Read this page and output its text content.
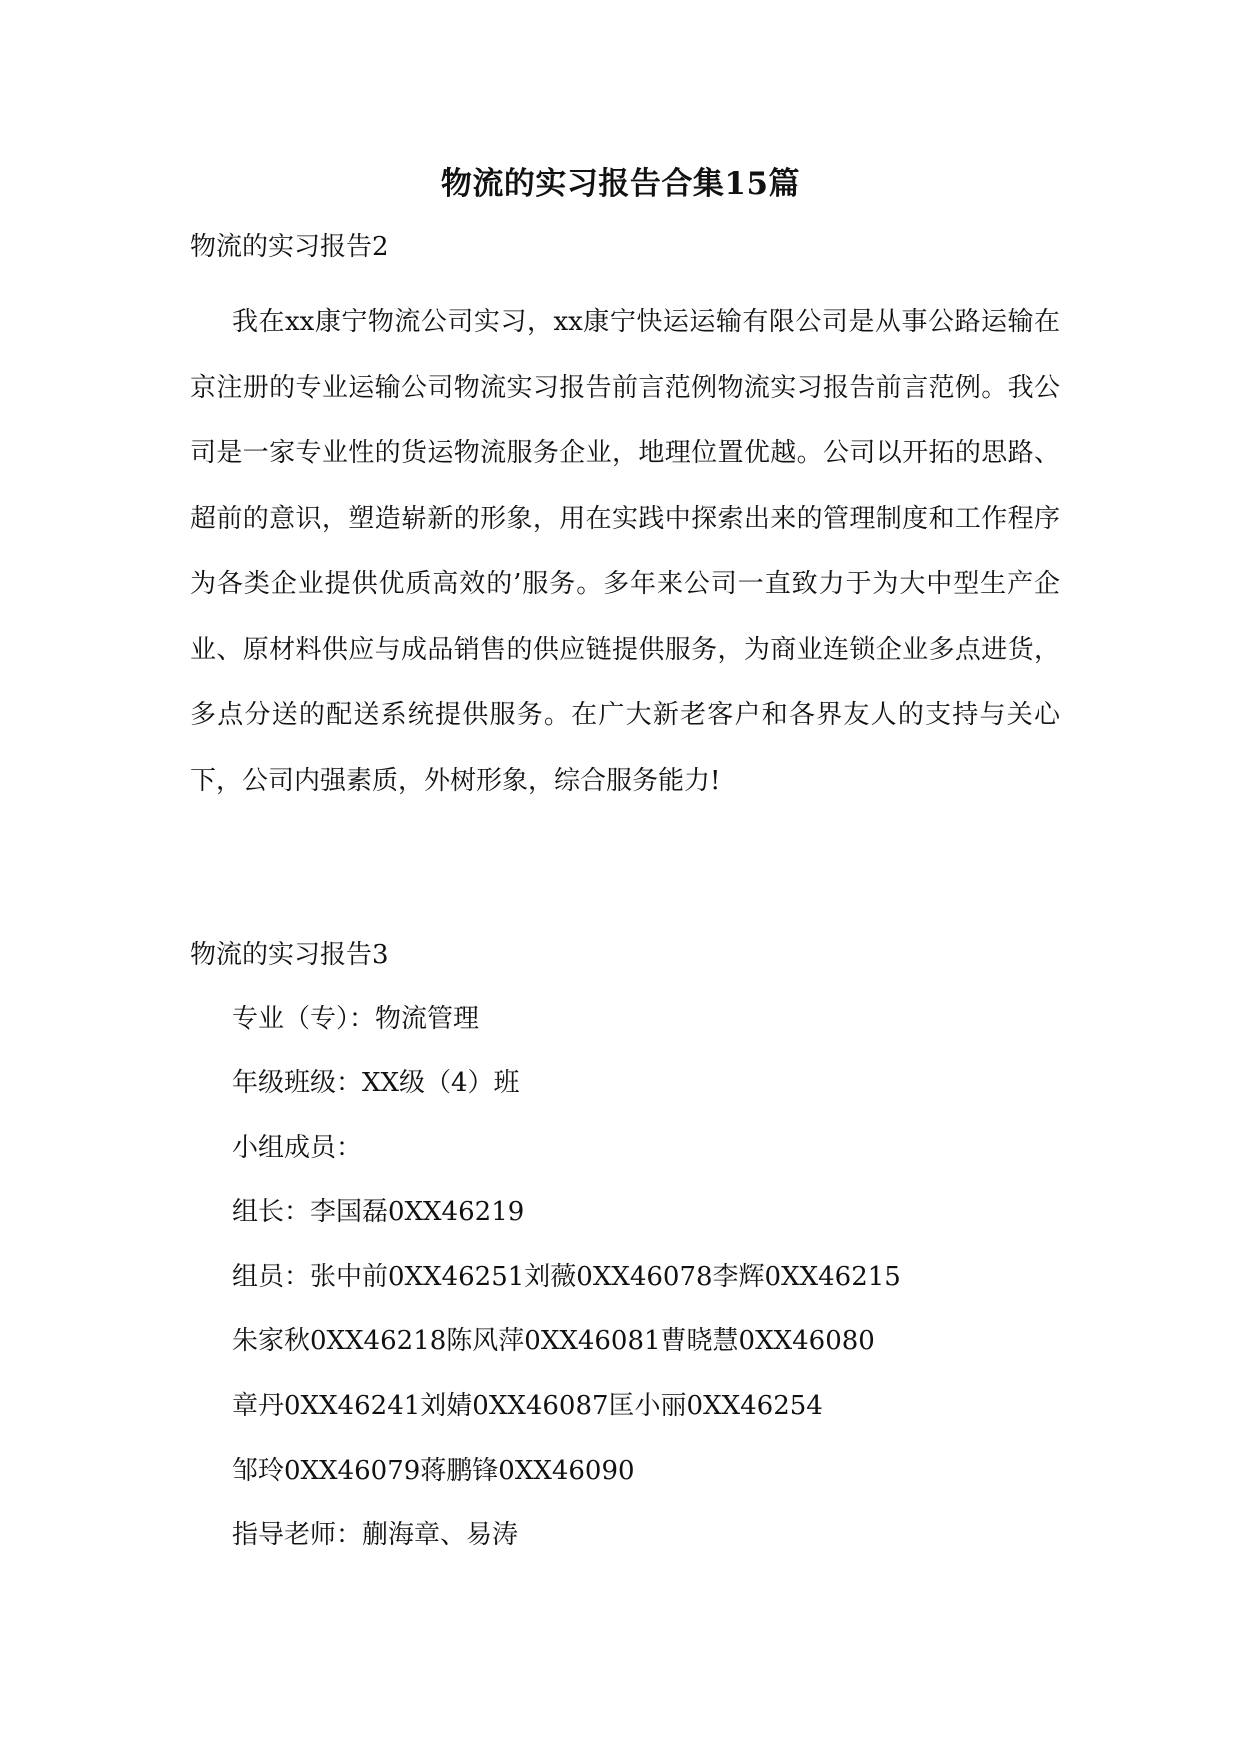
物流的实习报告合集15篇
物流的实习报告2
我在xx康宁物流公司实习，xx康宁快运运输有限公司是从事公路运输在京注册的专业运输公司物流实习报告前言范例物流实习报告前言范例。我公司是一家专业性的货运物流服务企业，地理位置优越。公司以开拓的思路、超前的意识，塑造崭新的形象，用在实践中探索出来的管理制度和工作程序为各类企业提供优质高效的’服务。多年来公司一直致力于为大中型生产企业、原材料供应与成品销售的供应链提供服务，为商业连锁企业多点进货，多点分送的配送系统提供服务。在广大新老客户和各界友人的支持与关心下，公司内强素质，外树形象，综合服务能力!
物流的实习报告3
专业（专）：物流管理
年级班级：XX级（4）班
小组成员：
组长：李国磊0XX46219
组员：张中前0XX46251刘薇0XX46078李辉0XX46215
朱家秋0XX46218陈风萍0XX46081曹晓慧0XX46080
章丹0XX46241刘婧0XX46087匡小丽0XX46254
邹玲0XX46079蒋鹏锋0XX46090
指导老师：蒯海章、易涛
